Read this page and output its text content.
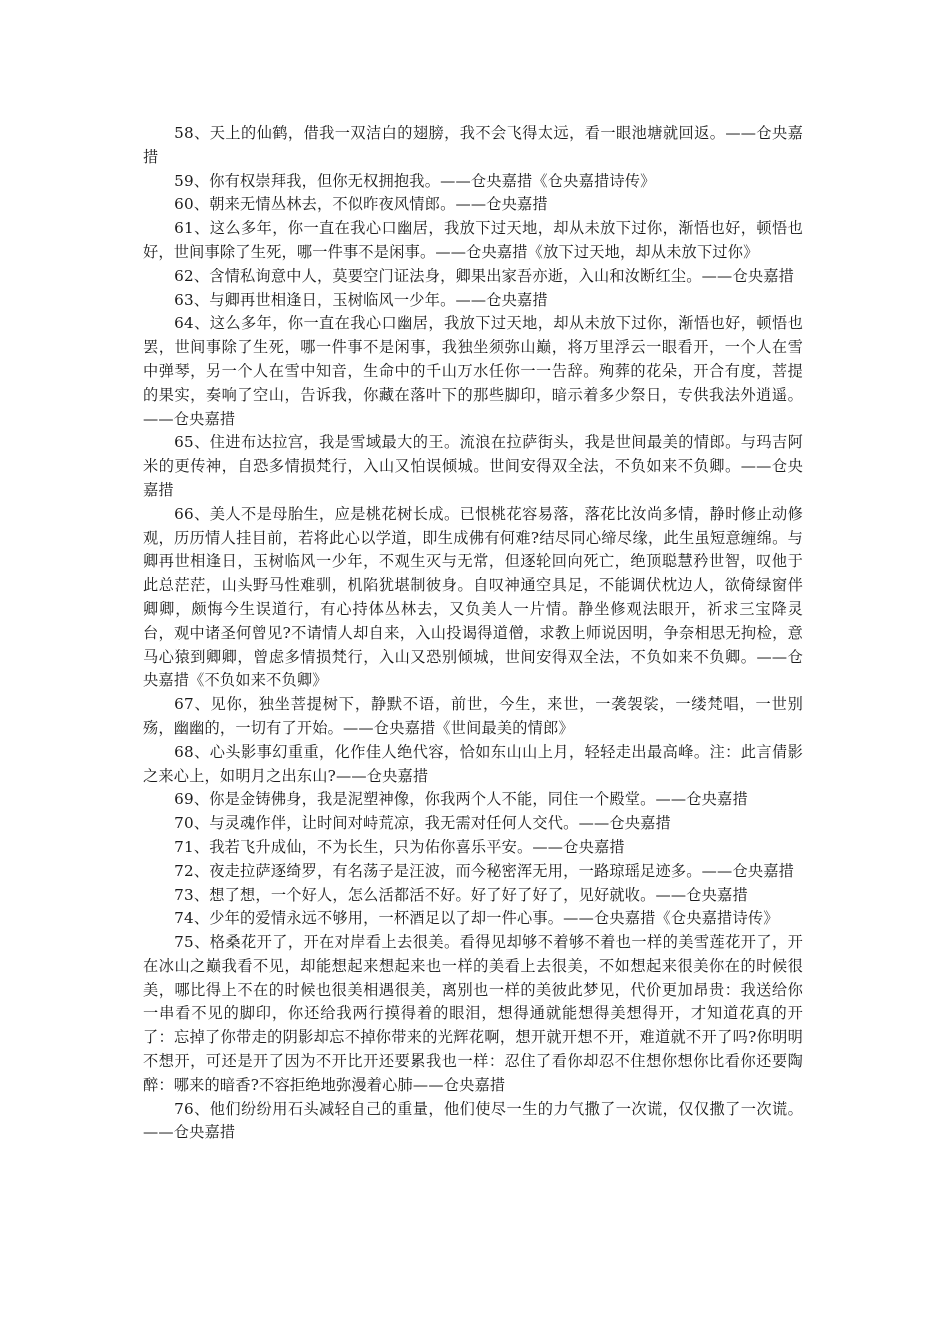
58、天上的仙鹤，借我一双洁白的翅膀，我不会飞得太远，看一眼池塘就回返。——仓央嘉措

59、你有权崇拜我，但你无权拥抱我。——仓央嘉措《仓央嘉措诗传》

60、朝来无情丛林去，不似昨夜风情郎。——仓央嘉措

61、这么多年，你一直在我心口幽居，我放下过天地，却从未放下过你，渐悟也好，顿悟也好，世间事除了生死，哪一件事不是闲事。——仓央嘉措《放下过天地，却从未放下过你》

62、含情私询意中人，莫要空门证法身，卿果出家吾亦逝，入山和汝断红尘。——仓央嘉措

63、与卿再世相逢日，玉树临风一少年。——仓央嘉措

64、这么多年，你一直在我心口幽居，我放下过天地，却从未放下过你，渐悟也好，顿悟也罢，世间事除了生死，哪一件事不是闲事，我独坐须弥山巅，将万里浮云一眼看开，一个人在雪中弹琴，另一个人在雪中知音，生命中的千山万水任你一一告辞。殉葬的花朵，开合有度，菩提的果实，奏响了空山，告诉我，你藏在落叶下的那些脚印，暗示着多少祭日，专供我法外逍遥。——仓央嘉措

65、住进布达拉宫，我是雪域最大的王。流浪在拉萨街头，我是世间最美的情郎。与玛吉阿米的更传神，自恐多情损梵行，入山又怕误倾城。世间安得双全法，不负如来不负卿。——仓央嘉措

66、美人不是母胎生，应是桃花树长成。已恨桃花容易落，落花比汝尚多情，静时修止动修观，历历情人挂目前，若将此心以学道，即生成佛有何难?结尽同心缔尽缘，此生虽短意缠绵。与卿再世相逢日，玉树临风一少年，不观生灭与无常，但逐轮回向死亡，绝顶聪慧矜世智，叹他于此总茫茫，山头野马性难驯，机陷犹堪制彼身。自叹神通空具足，不能调伏枕边人，欲倚绿窗伴卿卿，颇悔今生误道行，有心持体丛林去，又负美人一片情。静坐修观法眼开，祈求三宝降灵台，观中诸圣何曾见?不请情人却自来，入山投谒得道僧，求教上师说因明，争奈相思无拘检，意马心猿到卿卿，曾虑多情损梵行，入山又恐别倾城，世间安得双全法，不负如来不负卿。——仓央嘉措《不负如来不负卿》

67、见你，独坐菩提树下，静默不语，前世，今生，来世，一袭袈裟，一缕梵唱，一世别殇，幽幽的，一切有了开始。——仓央嘉措《世间最美的情郎》

68、心头影事幻重重，化作佳人绝代容，恰如东山山上月，轻轻走出最高峰。注：此言倩影之来心上，如明月之出东山?——仓央嘉措

69、你是金铸佛身，我是泥塑神像，你我两个人不能，同住一个殿堂。——仓央嘉措

70、与灵魂作伴，让时间对峙荒凉，我无需对任何人交代。——仓央嘉措

71、我若飞升成仙，不为长生，只为佑你喜乐平安。——仓央嘉措

72、夜走拉萨逐绮罗，有名荡子是汪波，而今秘密浑无用，一路琼瑶足迹多。——仓央嘉措

73、想了想，一个好人，怎么活都活不好。好了好了好了，见好就收。——仓央嘉措

74、少年的爱情永远不够用，一杯酒足以了却一件心事。——仓央嘉措《仓央嘉措诗传》

75、格桑花开了，开在对岸看上去很美。看得见却够不着够不着也一样的美雪莲花开了，开在冰山之巅我看不见，却能想起来想起来也一样的美看上去很美，不如想起来很美你在的时候很美，哪比得上不在的时候也很美相遇很美，离别也一样的美彼此梦见，代价更加昂贵：我送给你一串看不见的脚印，你还给我两行摸得着的眼泪，想得通就能想得美想得开，才知道花真的开了：忘掉了你带走的阴影却忘不掉你带来的光辉花啊，想开就开想不开，难道就不开了吗?你明明不想开，可还是开了因为不开比开还要累我也一样：忍住了看你却忍不住想你想你比看你还要陶醉：哪来的暗香?不容拒绝地弥漫着心肺——仓央嘉措

76、他们纷纷用石头减轻自己的重量，他们使尽一生的力气撒了一次谎，仅仅撒了一次谎。——仓央嘉措
